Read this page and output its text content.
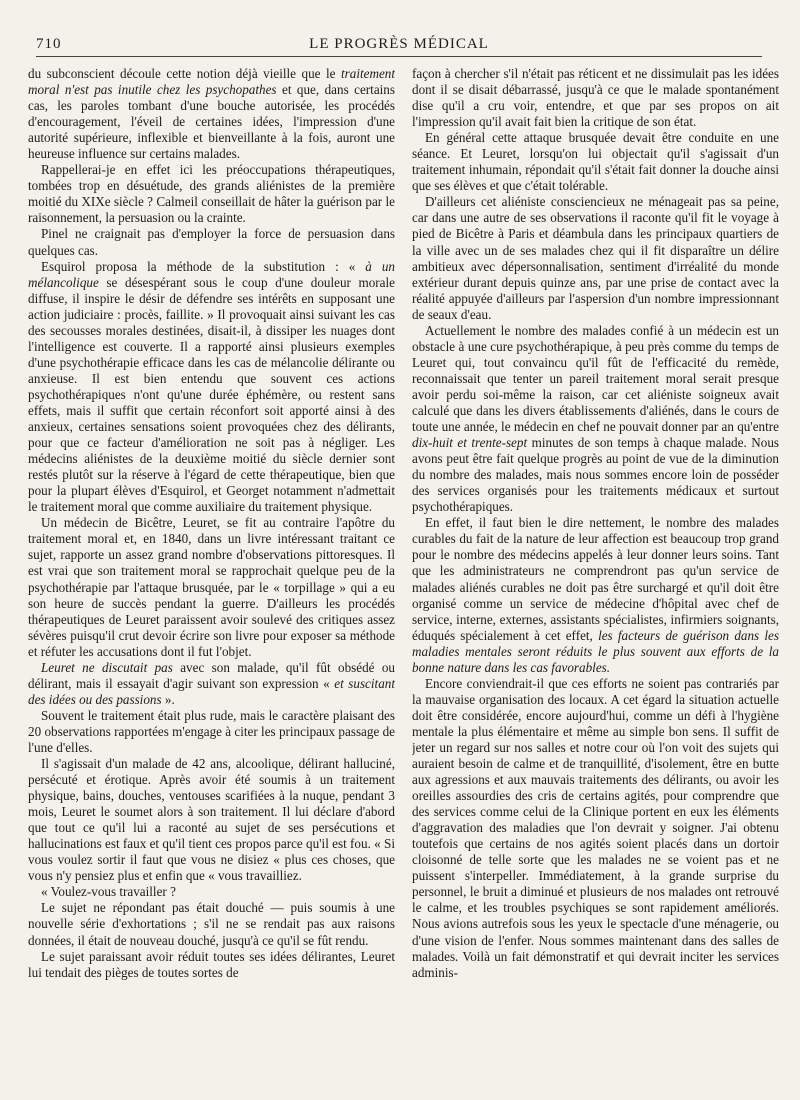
710	LE PROGRÈS MÉDICAL

du subconscient découle cette notion déjà vieille que le traitement moral n'est pas inutile chez les psychopathes et que, dans certains cas, les paroles tombant d'une bouche autorisée, les procédés d'encouragement, l'éveil de certaines idées, l'impression d'une autorité supérieure, inflexible et bienveillante à la fois, auront une heureuse influence sur certains malades.

Rappellerai-je en effet ici les préoccupations thérapeutiques, tombées trop en désuétude, des grands aliénistes de la première moitié du XIXe siècle ? Calmeil conseillait de hâter la guérison par le raisonnement, la persuasion ou la crainte.

Pinel ne craignait pas d'employer la force de persuasion dans quelques cas.

Esquirol proposa la méthode de la substitution : « à un mélancolique se désespérant sous le coup d'une douleur morale diffuse, il inspire le désir de défendre ses intérêts en supposant une action judiciaire : procès, faillite. » Il provoquait ainsi suivant les cas des secousses morales destinées, disait-il, à dissiper les nuages dont l'intelligence est couverte. Il a rapporté ainsi plusieurs exemples d'une psychothérapie efficace dans les cas de mélancolie délirante ou anxieuse. Il est bien entendu que souvent ces actions psychothérapiques n'ont qu'une durée éphémère, ou restent sans effets, mais il suffit que certain réconfort soit apporté ainsi à des anxieux, certaines sensations soient provoquées chez des délirants, pour que ce facteur d'amélioration ne soit pas à négliger. Les médecins aliénistes de la deuxième moitié du siècle dernier sont restés plutôt sur la réserve à l'égard de cette thérapeutique, bien que pour la plupart élèves d'Esquirol, et Georget notamment n'admettait le traitement moral que comme auxiliaire du traitement physique.

Un médecin de Bicêtre, Leuret, se fit au contraire l'apôtre du traitement moral et, en 1840, dans un livre intéressant traitant ce sujet, rapporte un assez grand nombre d'observations pittoresques. Il est vrai que son traitement moral se rapprochait quelque peu de la psychothérapie par l'attaque brusquée, par le « torpillage » qui a eu son heure de succès pendant la guerre. D'ailleurs les procédés thérapeutiques de Leuret paraissent avoir soulevé des critiques assez sévères puisqu'il crut devoir écrire son livre pour exposer sa méthode et réfuter les accusations dont il fut l'objet.

Leuret ne discutait pas avec son malade, qu'il fût obsédé ou délirant, mais il essayait d'agir suivant son expression « et suscitant des idées ou des passions ».

Souvent le traitement était plus rude, mais le caractère plaisant des 20 observations rapportées m'engage à citer les principaux passage de l'une d'elles.

Il s'agissait d'un malade de 42 ans, alcoolique, délirant halluciné, persécuté et érotique. Après avoir été soumis à un traitement physique, bains, douches, ventouses scarifiées à la nuque, pendant 3 mois, Leuret le soumet alors à son traitement. Il lui déclare d'abord que tout ce qu'il lui a raconté au sujet de ses persécutions et hallucinations est faux et qu'il tient ces propos parce qu'il est fou. « Si vous voulez sortir il faut que vous ne disiez « plus ces choses, que vous n'y pensiez plus et enfin que « vous travailliez.

« Voulez-vous travailler ?

Le sujet ne répondant pas était douché — puis soumis à une nouvelle série d'exhortations ; s'il ne se rendait pas aux raisons données, il était de nouveau douché, jusqu'à ce qu'il se fût rendu.

Le sujet paraissant avoir réduit toutes ses idées délirantes, Leuret lui tendait des pièges de toutes sortes de

façon à chercher s'il n'était pas réticent et ne dissimulait pas les idées dont il se disait débarrassé, jusqu'à ce que le malade spontanément dise qu'il a cru voir, entendre, et que par ses propos on ait l'impression qu'il avait fait bien la critique de son état.

En général cette attaque brusquée devait être conduite en une séance. Et Leuret, lorsqu'on lui objectait qu'il s'agissait d'un traitement inhumain, répondait qu'il s'était fait donner la douche ainsi que ses élèves et que c'était tolérable.

D'ailleurs cet aliéniste consciencieux ne ménageait pas sa peine, car dans une autre de ses observations il raconte qu'il fit le voyage à pied de Bicêtre à Paris et déambula dans les principaux quartiers de la ville avec un de ses malades chez qui il fit disparaître un délire ambitieux avec dépersonnalisation, sentiment d'irréalité du monde extérieur durant depuis quinze ans, par une prise de contact avec la réalité appuyée d'ailleurs par l'aspersion d'un nombre impressionnant de seaux d'eau.

Actuellement le nombre des malades confié à un médecin est un obstacle à une cure psychothérapique, à peu près comme du temps de Leuret qui, tout convaincu qu'il fût de l'efficacité du remède, reconnaissait que tenter un pareil traitement moral serait presque avoir perdu soi-même la raison, car cet aliéniste soigneux avait calculé que dans les divers établissements d'aliénés, dans le cours de toute une année, le médecin en chef ne pouvait donner par an qu'entre dix-huit et trente-sept minutes de son temps à chaque malade. Nous avons peut être fait quelque progrès au point de vue de la diminution du nombre des malades, mais nous sommes encore loin de posséder des services organisés pour les traitements médicaux et surtout psychothérapiques.

En effet, il faut bien le dire nettement, le nombre des malades curables du fait de la nature de leur affection est beaucoup trop grand pour le nombre des médecins appelés à leur donner leurs soins. Tant que les administrateurs ne comprendront pas qu'un service de malades aliénés curables ne doit pas être surchargé et qu'il doit être organisé comme un service de médecine d'hôpital avec chef de service, interne, externes, assistants spécialistes, infirmiers soignants, éduqués spécialement à cet effet, les facteurs de guérison dans les maladies mentales seront réduits le plus souvent aux efforts de la bonne nature dans les cas favorables.

Encore conviendrait-il que ces efforts ne soient pas contrariés par la mauvaise organisation des locaux. A cet égard la situation actuelle doit être considérée, encore aujourd'hui, comme un défi à l'hygiène mentale la plus élémentaire et même au simple bon sens. Il suffit de jeter un regard sur nos salles et notre cour où l'on voit des sujets qui auraient besoin de calme et de tranquillité, d'isolement, être en butte aux agressions et aux mauvais traitements des délirants, ou avoir les oreilles assourdies des cris de certains agités, pour comprendre que des services comme celui de la Clinique portent en eux les éléments d'aggravation des maladies que l'on devrait y soigner. J'ai obtenu toutefois que certains de nos agités soient placés dans un dortoir cloisonné de telle sorte que les malades ne se voient pas et ne puissent s'interpeller. Immédiatement, à la grande surprise du personnel, le bruit a diminué et plusieurs de nos malades ont retrouvé le calme, et les troubles psychiques se sont rapidement améliorés. Nous avions autrefois sous les yeux le spectacle d'une ménagerie, ou d'une vision de l'enfer. Nous sommes maintenant dans des salles de malades. Voilà un fait démonstratif et qui devrait inciter les services adminis-
